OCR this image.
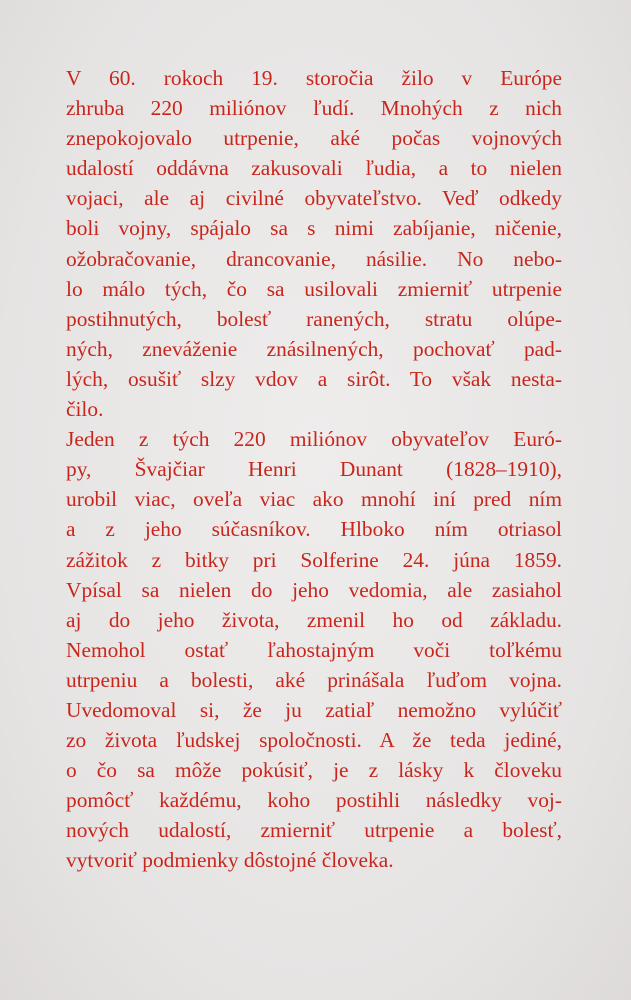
V 60. rokoch 19. storočia žilo v Európe
zhruba 220 miliónov ľudí. Mnohých z nich
znepokojovalo utrpenie, aké počas vojnových
udalostí oddávna zakusovali ľudia, a to nielen
vojaci, ale aj civilné obyvateľstvo. Veď odkedy
boli vojny, spájalo sa s nimi zabíjanie, ničenie,
ožobračovanie, drancovanie, násilie. No nebo-
lo málo tých, čo sa usilovali zmierniť utrpenie
postihnutých, bolesť ranených, stratu olúpe-
ných, zneváženie znásilnených, pochovať pad-
lých, osušiť slzy vdov a sirôt. To však nesta-
čilo.
Jeden z tých 220 miliónov obyvateľov Euró-
py, Švajčiar Henri Dunant (1828–1910),
urobil viac, oveľa viac ako mnohí iní pred ním
a z jeho súčasníkov. Hlboko ním otriasol
zážitok z bitky pri Solferine 24. júna 1859.
Vpísal sa nielen do jeho vedomia, ale zasiahol
aj do jeho života, zmenil ho od základu.
Nemohol ostať ľahostajným voči toľkému
utrpeniu a bolesti, aké prinášala ľuďom vojna.
Uvedomoval si, že ju zatiaľ nemožno vylúčiť
zo života ľudskej spoločnosti. A že teda jediné,
o čo sa môže pokúsiť, je z lásky k človeku
pomôcť každému, koho postihli následky voj-
nových udalostí, zmierniť utrpenie a bolesť,
vytvoriť podmienky dôstojné človeka.
